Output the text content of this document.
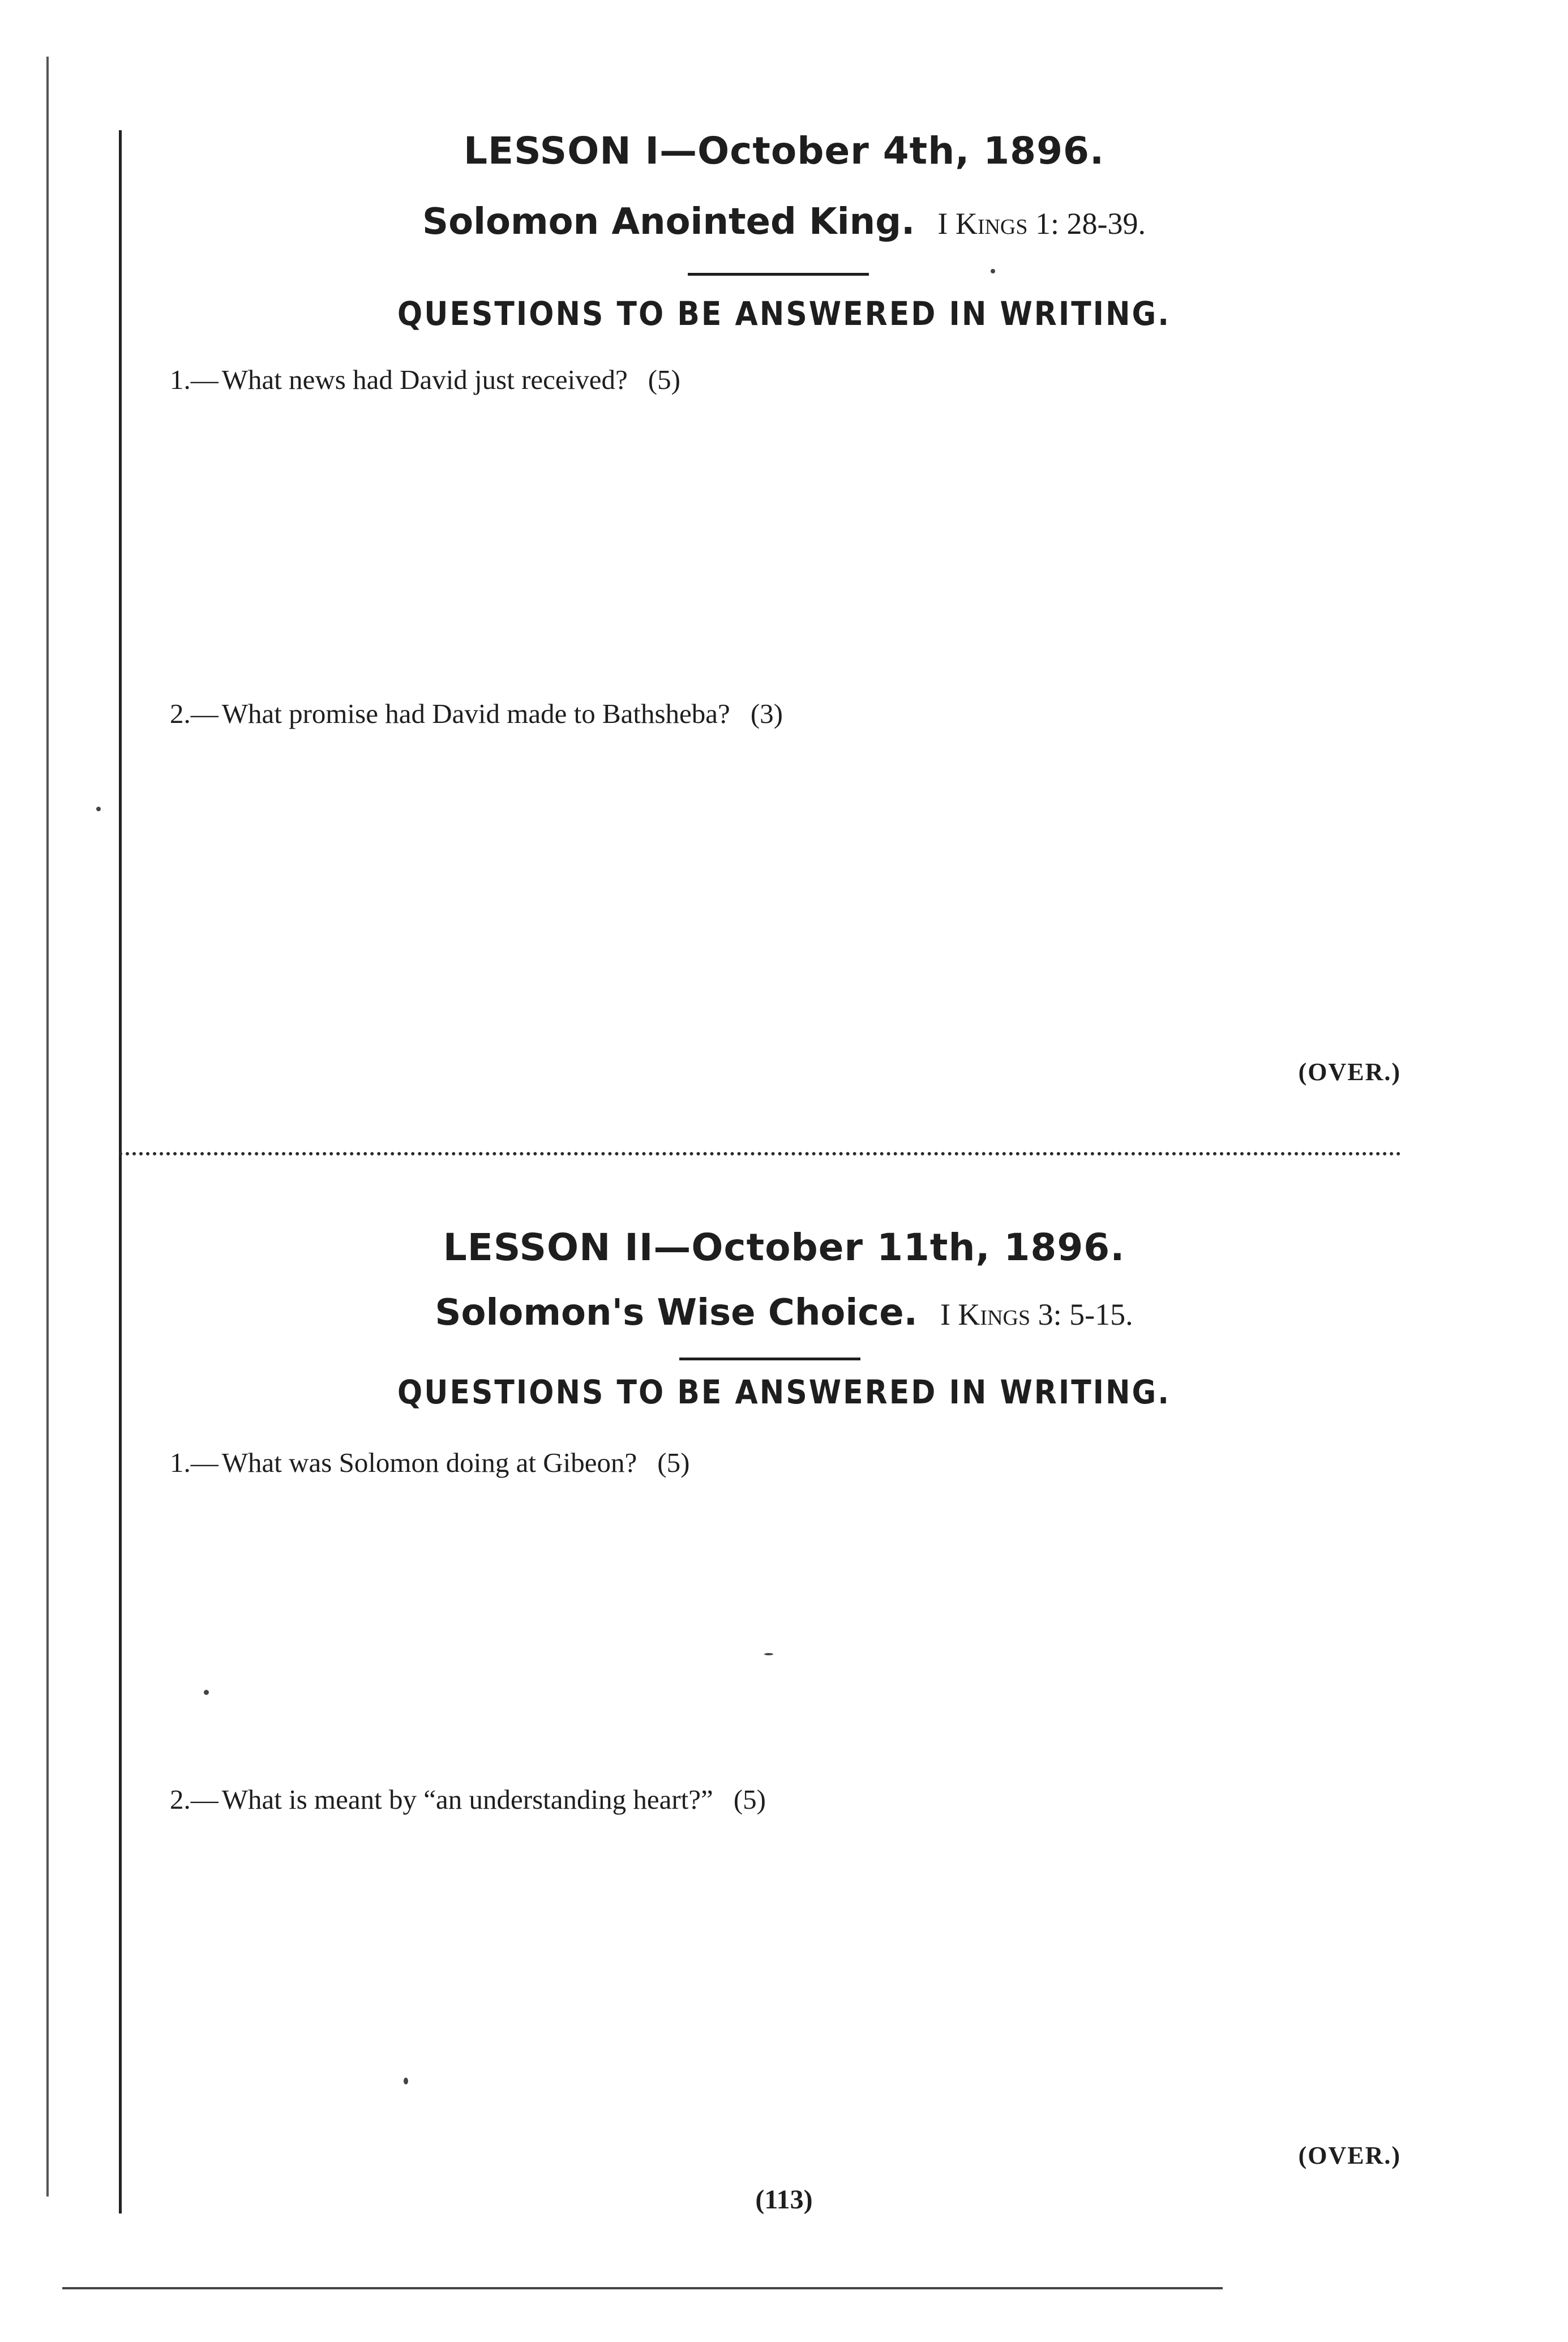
LESSON I—October 4th, 1896.
Solomon Anointed King. I Kings 1: 28-39.
QUESTIONS TO BE ANSWERED IN WRITING.
1.— What news had David just received? (5)
2.— What promise had David made to Bathsheba? (3)
(OVER.)
LESSON II—October 11th, 1896.
Solomon's Wise Choice. I Kings 3: 5-15.
QUESTIONS TO BE ANSWERED IN WRITING.
1.— What was Solomon doing at Gibeon? (5)
2.— What is meant by “an understanding heart?” (5)
(OVER.)
(113)
